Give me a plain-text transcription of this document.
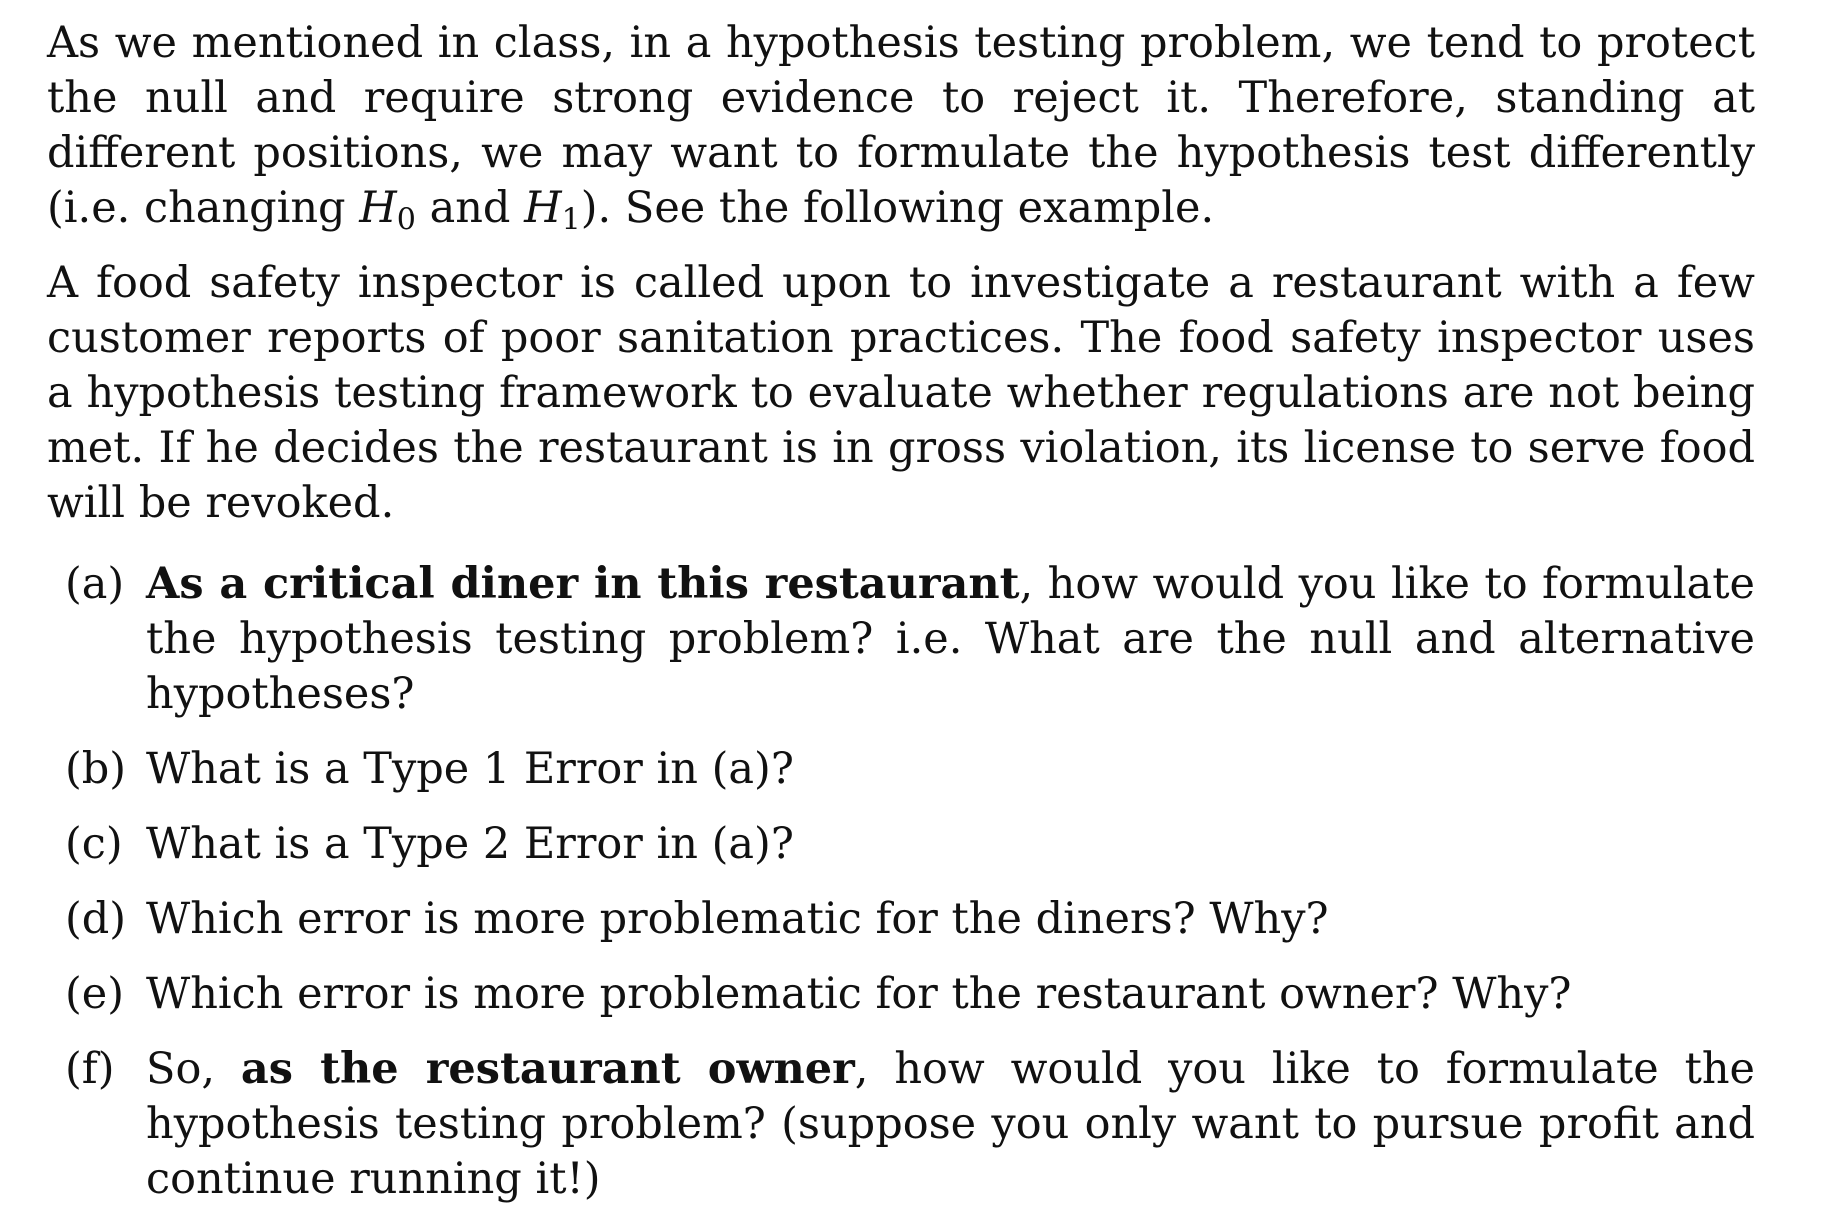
As we mentioned in class, in a hypothesis testing problem, we tend to protect the null and require strong evidence to reject it. Therefore, standing at different positions, we may want to formulate the hypothesis test differently (i.e. changing $H_0$ and $H_1$). See the following example.

A food safety inspector is called upon to investigate a restaurant with a few customer reports of poor sanitation practices. The food safety inspector uses a hypothesis testing framework to evaluate whether regulations are not being met. If he decides the restaurant is in gross violation, its license to serve food will be revoked.

(a) As a critical diner in this restaurant, how would you like to formulate the hypothesis testing problem? i.e. What are the null and alternative hypotheses?
(b) What is a Type 1 Error in (a)?
(c) What is a Type 2 Error in (a)?
(d) Which error is more problematic for the diners? Why?
(e) Which error is more problematic for the restaurant owner? Why?
(f) So, as the restaurant owner, how would you like to formulate the hypothesis testing problem? (suppose you only want to pursue profit and continue running it!)
